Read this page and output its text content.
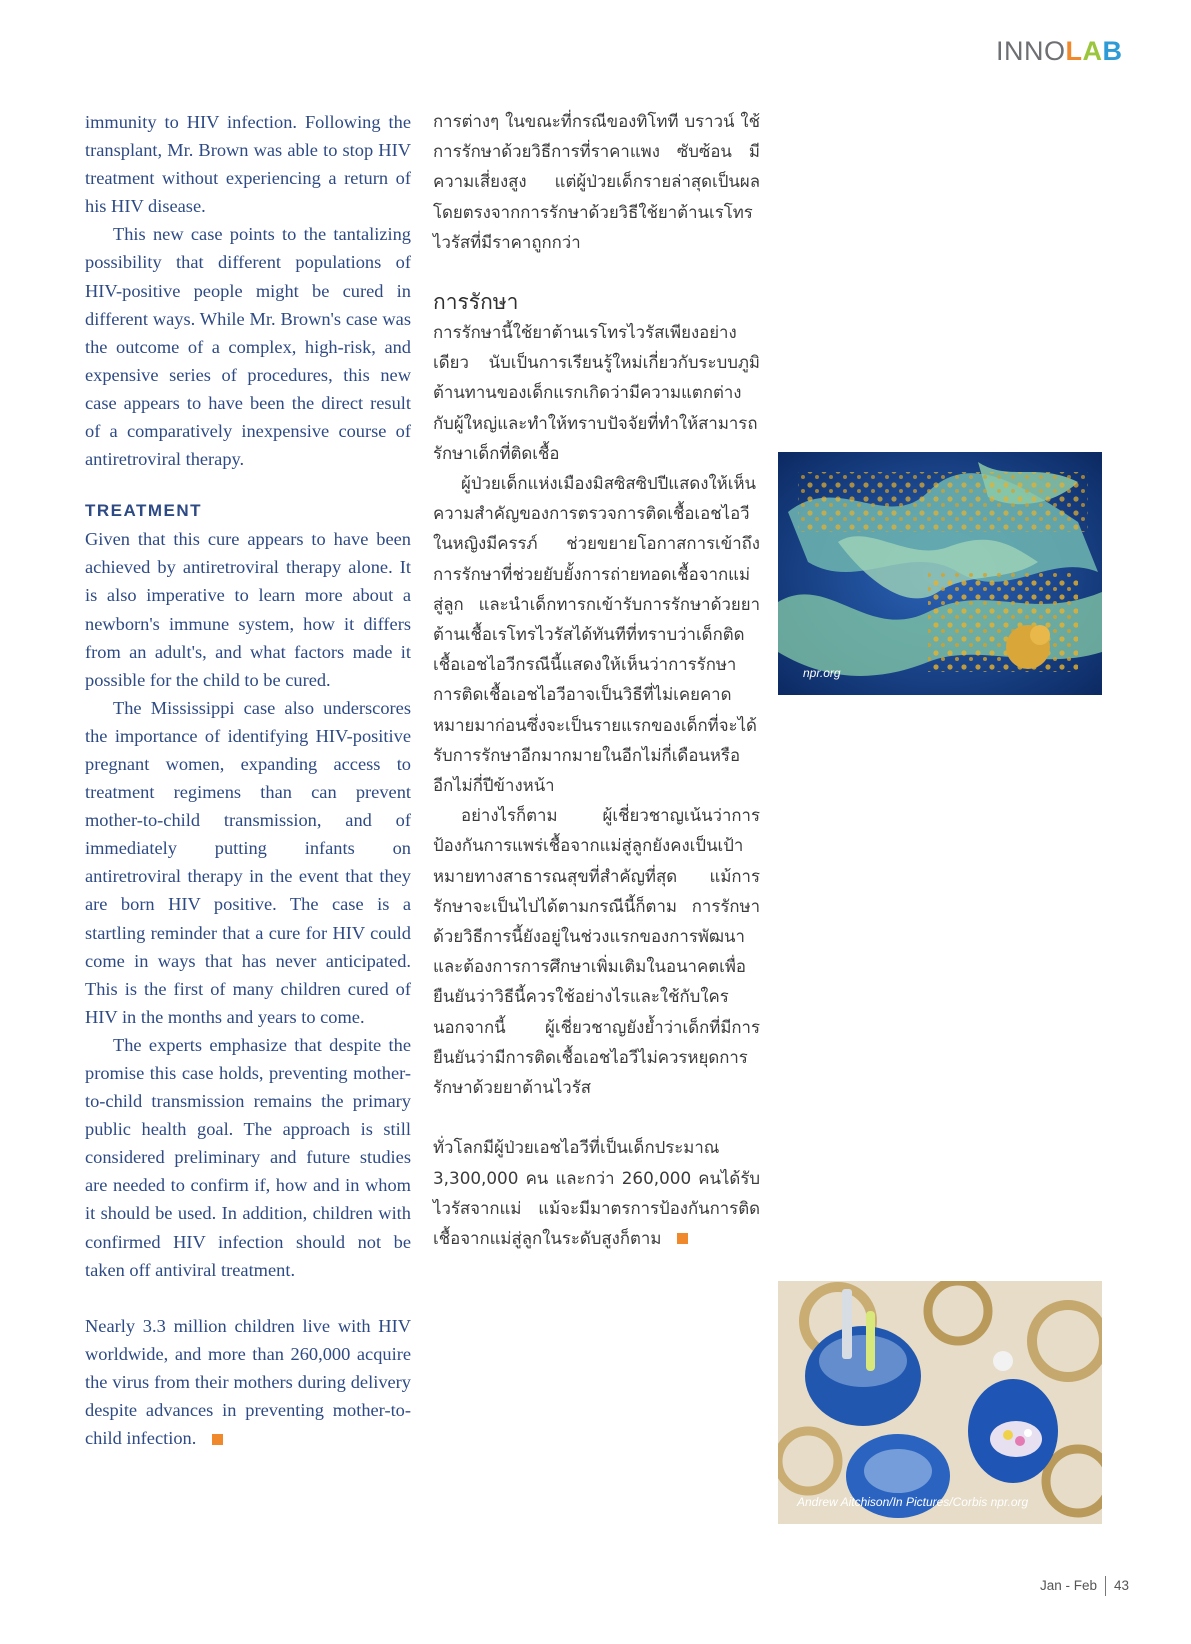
INNOLAB

immunity to HIV infection. Following the transplant, Mr. Brown was able to stop HIV treatment without experiencing a return of his HIV disease.

This new case points to the tantalizing possibility that different populations of HIV-positive people might be cured in different ways. While Mr. Brown's case was the outcome of a complex, high-risk, and expensive series of procedures, this new case appears to have been the direct result of a comparatively inexpensive course of antiretroviral therapy.

TREATMENT

Given that this cure appears to have been achieved by antiretroviral therapy alone. It is also imperative to learn more about a newborn's immune system, how it differs from an adult's, and what factors made it possible for the child to be cured.

The Mississippi case also underscores the importance of identifying HIV-positive pregnant women, expanding access to treatment regimens than can prevent mother-to-child transmission, and of immediately putting infants on antiretroviral therapy in the event that they are born HIV positive. The case is a startling reminder that a cure for HIV could come in ways that has never anticipated. This is the first of many children cured of HIV in the months and years to come.

The experts emphasize that despite the promise this case holds, preventing mother-to-child transmission remains the primary public health goal. The approach is still considered preliminary and future studies are needed to confirm if, how and in whom it should be used. In addition, children with confirmed HIV infection should not be taken off antiviral treatment.

Nearly 3.3 million children live with HIV worldwide, and more than 260,000 acquire the virus from their mothers during delivery despite advances in preventing mother-to-child infection.

การต่างๆ ในขณะที่กรณีของทิโทที บราวน์ ใช้การรักษาด้วยวิธีการที่ราคาแพง ซับซ้อน มีความเสี่ยงสูง แต่ผู้ป่วยเด็กรายล่าสุดเป็นผลโดยตรงจากการรักษาด้วยวิธีใช้ยาต้านเรโทรไวรัสที่มีราคาถูกกว่า

การรักษา

การรักษานี้ใช้ยาต้านเรโทรไวรัสเพียงอย่างเดียว นับเป็นการเรียนรู้ใหม่เกี่ยวกับระบบภูมิต้านทานของเด็กแรกเกิดว่ามีความแตกต่างกับผู้ใหญ่และทำให้ทราบปัจจัยที่ทำให้สามารถรักษาเด็กที่ติดเชื้อ

ผู้ป่วยเด็กแห่งเมืองมิสซิสซิปปีแสดงให้เห็นความสำคัญของการตรวจการติดเชื้อเอชไอวีในหญิงมีครรภ์ ช่วยขยายโอกาสการเข้าถึงการรักษาที่ช่วยยับยั้งการถ่ายทอดเชื้อจากแม่สู่ลูก และนำเด็กทารกเข้ารับการรักษาด้วยยาต้านเชื้อเรโทรไวรัสได้ทันทีที่ทราบว่าเด็กติดเชื้อเอชไอวีกรณีนี้แสดงให้เห็นว่าการรักษาการติดเชื้อเอชไอวีอาจเป็นวิธีที่ไม่เคยคาดหมายมาก่อนซึ่งจะเป็นรายแรกของเด็กที่จะได้รับการรักษาอีกมากมายในอีกไม่กี่เดือนหรืออีกไม่กี่ปีข้างหน้า

อย่างไรก็ตาม ผู้เชี่ยวชาญเน้นว่าการป้องกันการแพร่เชื้อจากแม่สู่ลูกยังคงเป็นเป้าหมายทางสาธารณสุขที่สำคัญที่สุด แม้การรักษาจะเป็นไปได้ตามกรณีนี้ก็ตาม การรักษาด้วยวิธีการนี้ยังอยู่ในช่วงแรกของการพัฒนาและต้องการการศึกษาเพิ่มเติมในอนาคตเพื่อยืนยันว่าวิธีนี้ควรใช้อย่างไรและใช้กับใคร นอกจากนี้ ผู้เชี่ยวชาญยังย้ำว่าเด็กที่มีการยืนยันว่ามีการติดเชื้อเอชไอวีไม่ควรหยุดการรักษาด้วยยาต้านไวรัส

ทั่วโลกมีผู้ป่วยเอชไอวีที่เป็นเด็กประมาณ 3,300,000 คน และกว่า 260,000 คนได้รับไวรัสจากแม่ แม้จะมีมาตรการป้องกันการติดเชื้อจากแม่สู่ลูกในระดับสูงก็ตาม

npr.org
Andrew Aitchison/In Pictures/Corbis npr.org
Jan - Feb 43
